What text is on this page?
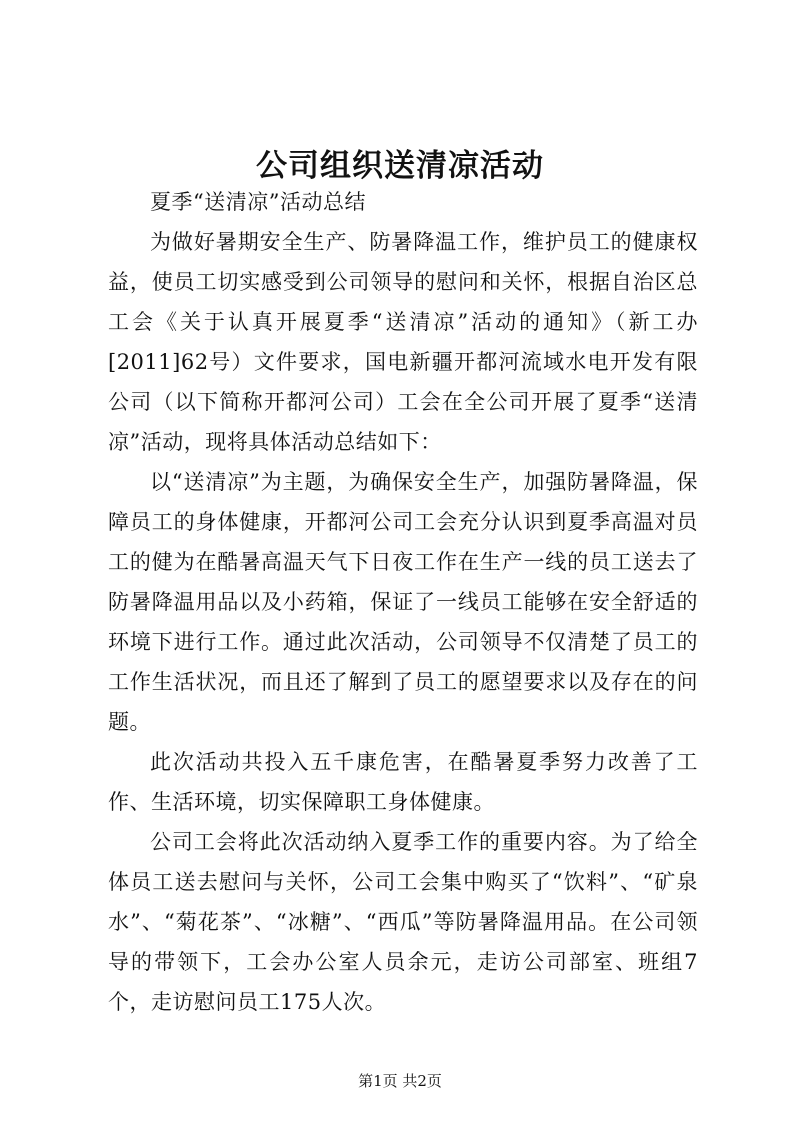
公司组织送清凉活动

夏季“送清凉”活动总结

为做好暑期安全生产、防暑降温工作，维护员工的健康权益，使员工切实感受到公司领导的慰问和关怀，根据自治区总工会《关于认真开展夏季“送清凉”活动的通知》（新工办[2011]62号）文件要求，国电新疆开都河流域水电开发有限公司（以下简称开都河公司）工会在全公司开展了夏季“送清凉”活动，现将具体活动总结如下：

以“送清凉”为主题，为确保安全生产，加强防暑降温，保障员工的身体健康，开都河公司工会充分认识到夏季高温对员工的健为在酷暑高温天气下日夜工作在生产一线的员工送去了防暑降温用品以及小药箱，保证了一线员工能够在安全舒适的环境下进行工作。通过此次活动，公司领导不仅清楚了员工的工作生活状况，而且还了解到了员工的愿望要求以及存在的问题。

此次活动共投入五千康危害，在酷暑夏季努力改善了工作、生活环境，切实保障职工身体健康。

公司工会将此次活动纳入夏季工作的重要内容。为了给全体员工送去慰问与关怀，公司工会集中购买了“饮料”、“矿泉水”、“菊花茶”、“冰糖”、“西瓜”等防暑降温用品。在公司领导的带领下，工会办公室人员余元，走访公司部室、班组7个，走访慰问员工175人次。

第1页 共2页
